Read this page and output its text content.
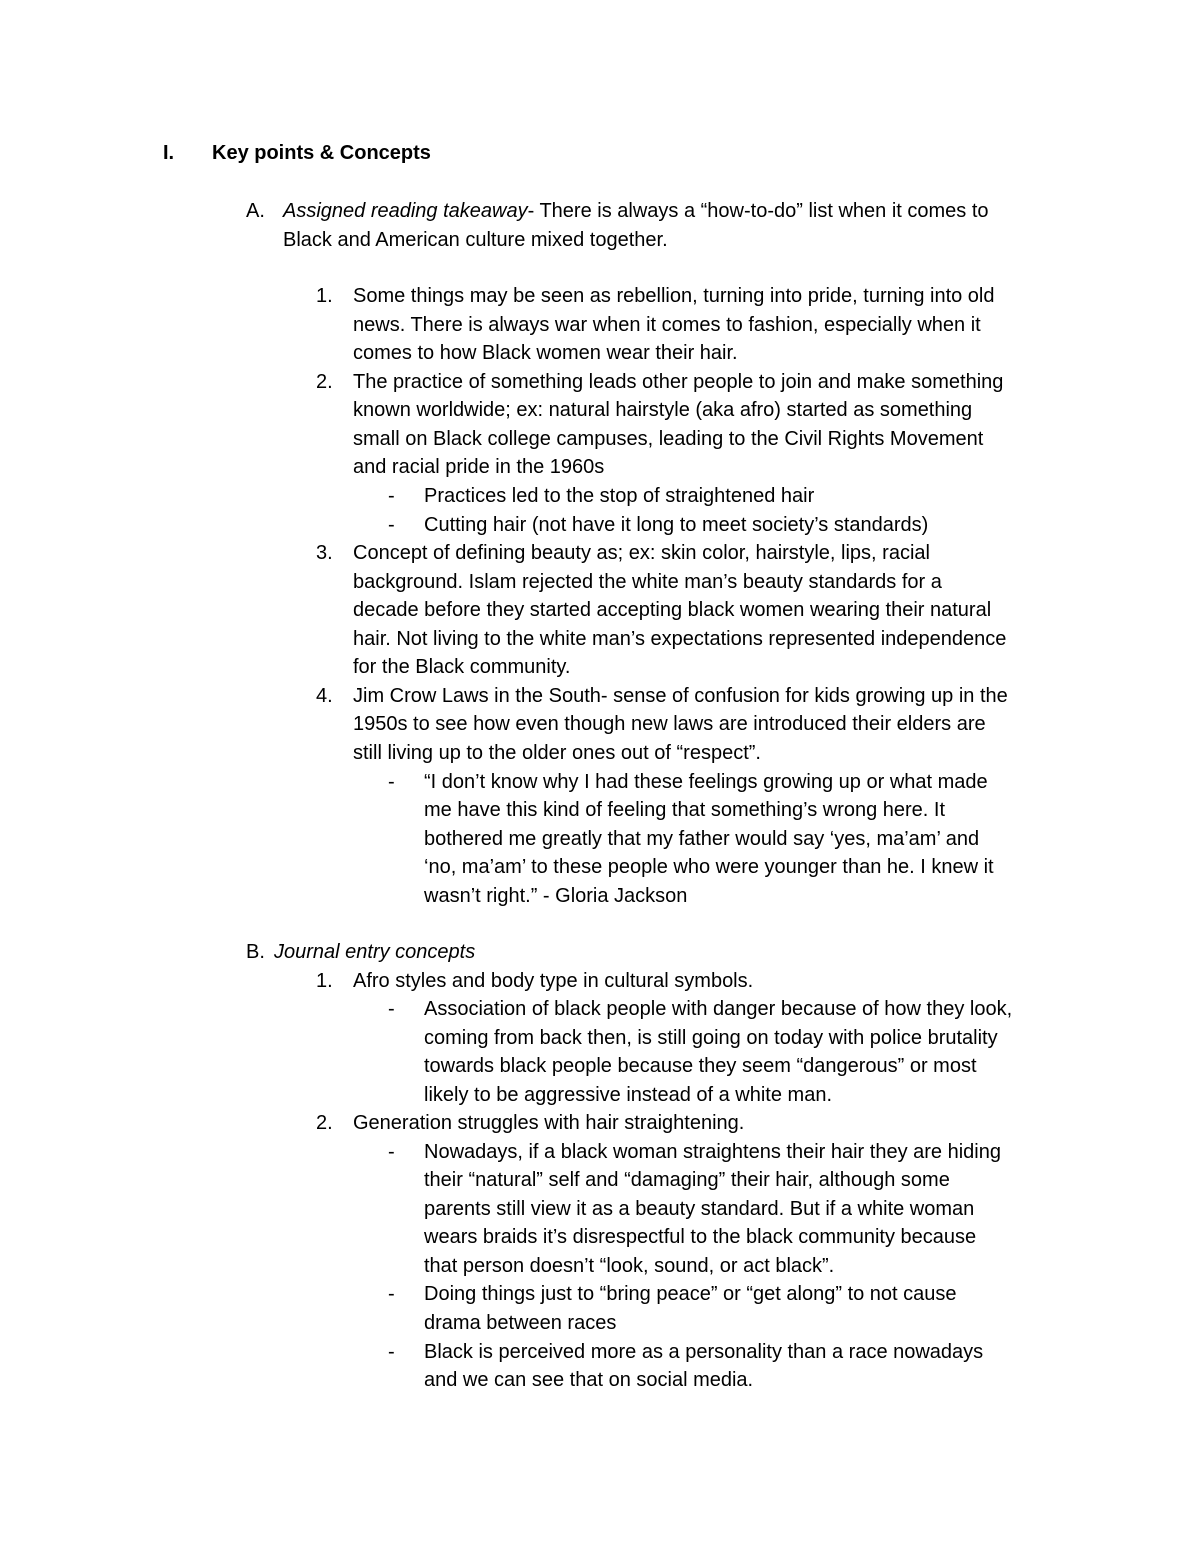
I. Key points & Concepts
A. Assigned reading takeaway- There is always a “how-to-do” list when it comes to
Black and American culture mixed together.
1. Some things may be seen as rebellion, turning into pride, turning into old
news. There is always war when it comes to fashion, especially when it
comes to how Black women wear their hair.
2. The practice of something leads other people to join and make something
known worldwide; ex: natural hairstyle (aka afro) started as something
small on Black college campuses, leading to the Civil Rights Movement
and racial pride in the 1960s
- Practices led to the stop of straightened hair
- Cutting hair (not have it long to meet society’s standards)
3. Concept of defining beauty as; ex: skin color, hairstyle, lips, racial
background. Islam rejected the white man’s beauty standards for a
decade before they started accepting black women wearing their natural
hair. Not living to the white man’s expectations represented independence
for the Black community.
4. Jim Crow Laws in the South- sense of confusion for kids growing up in the
1950s to see how even though new laws are introduced their elders are
still living up to the older ones out of “respect”.
- “I don’t know why I had these feelings growing up or what made
me have this kind of feeling that something’s wrong here. It
bothered me greatly that my father would say ‘yes, ma’am’ and
‘no, ma’am’ to these people who were younger than he. I knew it
wasn’t right.” - Gloria Jackson
B. Journal entry concepts
1. Afro styles and body type in cultural symbols.
- Association of black people with danger because of how they look,
coming from back then, is still going on today with police brutality
towards black people because they seem “dangerous” or most
likely to be aggressive instead of a white man.
2. Generation struggles with hair straightening.
- Nowadays, if a black woman straightens their hair they are hiding
their “natural” self and “damaging” their hair, although some
parents still view it as a beauty standard. But if a white woman
wears braids it’s disrespectful to the black community because
that person doesn’t “look, sound, or act black”.
- Doing things just to “bring peace” or “get along” to not cause
drama between races
- Black is perceived more as a personality than a race nowadays
and we can see that on social media.
